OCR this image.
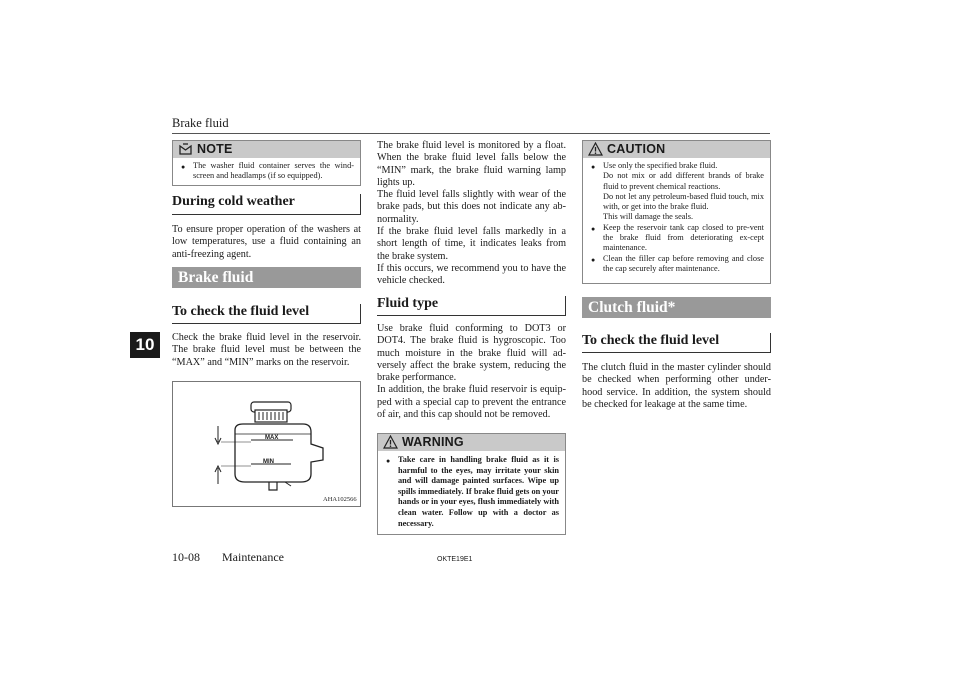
Brake fluid
10
NOTE
● The washer fluid container serves the wind-screen and headlamps (if so equipped).
During cold weather
To ensure proper operation of the washers at low temperatures, use a fluid containing an anti-freezing agent.
Brake fluid
To check the fluid level
Check the brake fluid level in the reservoir. The brake fluid level must be between the “MAX” and “MIN” marks on the reservoir.
MAX
MIN
AHA102566
The brake fluid level is monitored by a float. When the brake fluid level falls below the “MIN” mark, the brake fluid warning lamp lights up.
The fluid level falls slightly with wear of the brake pads, but this does not indicate any ab-normality.
If the brake fluid level falls markedly in a short length of time, it indicates leaks from the brake system.
If this occurs, we recommend you to have the vehicle checked.
Fluid type
Use brake fluid conforming to DOT3 or DOT4. The brake fluid is hygroscopic. Too much moisture in the brake fluid will ad-versely affect the brake system, reducing the brake performance.
In addition, the brake fluid reservoir is equip-ped with a special cap to prevent the entrance of air, and this cap should not be removed.
WARNING
● Take care in handling brake fluid as it is harmful to the eyes, may irritate your skin and will damage painted surfaces. Wipe up spills immediately. If brake fluid gets on your hands or in your eyes, flush immediately with clean water. Follow up with a doctor as necessary.
CAUTION
● Use only the specified brake fluid.
Do not mix or add different brands of brake fluid to prevent chemical reactions.
Do not let any petroleum-based fluid touch, mix with, or get into the brake fluid.
This will damage the seals.
● Keep the reservoir tank cap closed to pre-vent the brake fluid from deteriorating ex-cept maintenance.
● Clean the filler cap before removing and close the cap securely after maintenance.
Clutch fluid*
To check the fluid level
The clutch fluid in the master cylinder should be checked when performing other under-hood service. In addition, the system should be checked for leakage at the same time.
10-08 Maintenance	OKTE19E1
